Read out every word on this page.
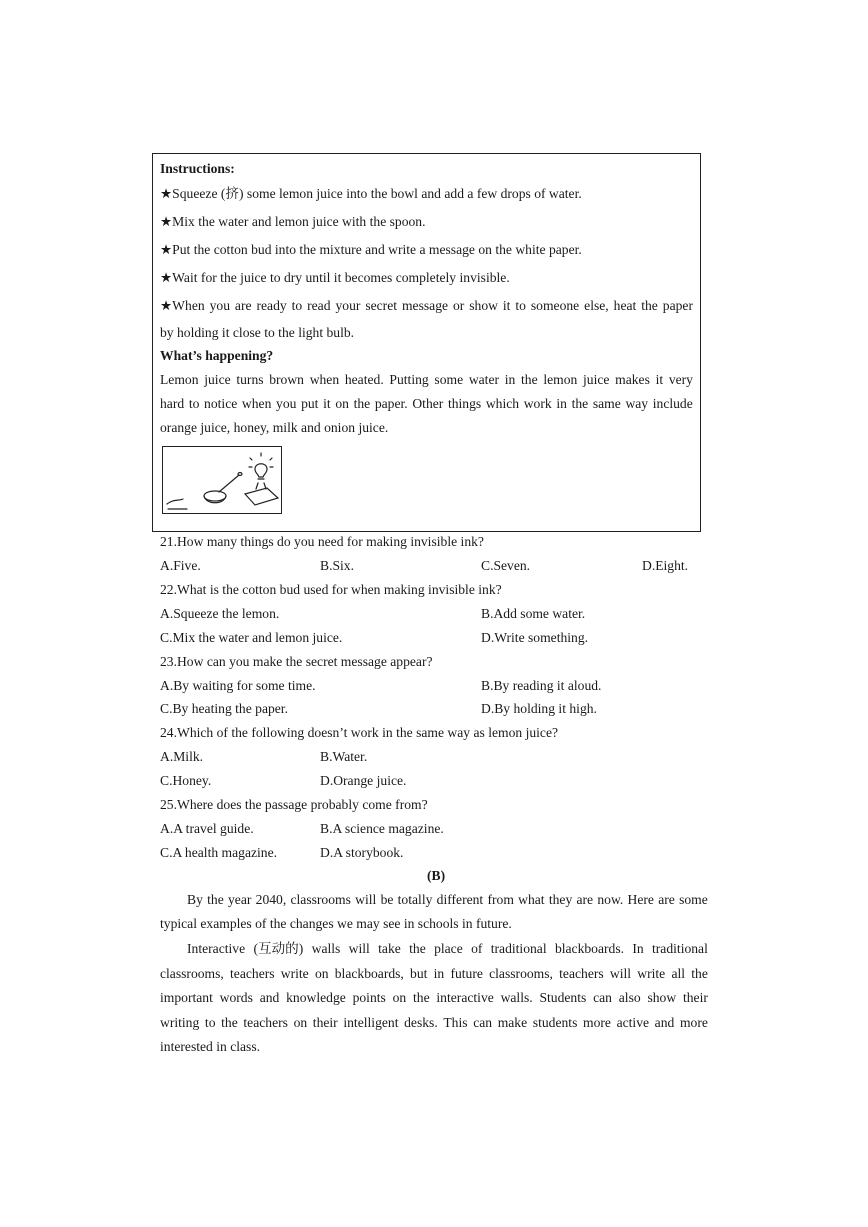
Instructions:
★Squeeze (挤) some lemon juice into the bowl and add a few drops of water.
★Mix the water and lemon juice with the spoon.
★Put the cotton bud into the mixture and write a message on the white paper.
★Wait for the juice to dry until it becomes completely invisible.
★When you are ready to read your secret message or show it to someone else, heat the paper
by holding it close to the light bulb.
What’s happening?
Lemon juice turns brown when heated. Putting some water in the lemon juice makes it very
hard to notice when you put it on the paper. Other things which work in the same way include
orange juice, honey, milk and onion juice.
21.How many things do you need for making invisible ink?
A.Five.	B.Six.	C.Seven.	D.Eight.
22.What is the cotton bud used for when making invisible ink?
A.Squeeze the lemon.	B.Add some water.
C.Mix the water and lemon juice.	D.Write something.
23.How can you make the secret message appear?
A.By waiting for some time.	B.By reading it aloud.
C.By heating the paper.	D.By holding it high.
24.Which of the following doesn’t work in the same way as lemon juice?
A.Milk.	B.Water.
C.Honey.	D.Orange juice.
25.Where does the passage probably come from?
A.A travel guide.	B.A science magazine.
C.A health magazine.	D.A storybook.
(B)
By the year 2040, classrooms will be totally different from what they are now. Here are some
typical examples of the changes we may see in schools in future.
Interactive (互动的) walls will take the place of traditional blackboards. In traditional
classrooms, teachers write on blackboards, but in future classrooms, teachers will write all the
important words and knowledge points on the interactive walls. Students can also show their
writing to the teachers on their intelligent desks. This can make students more active and more
interested in class.
